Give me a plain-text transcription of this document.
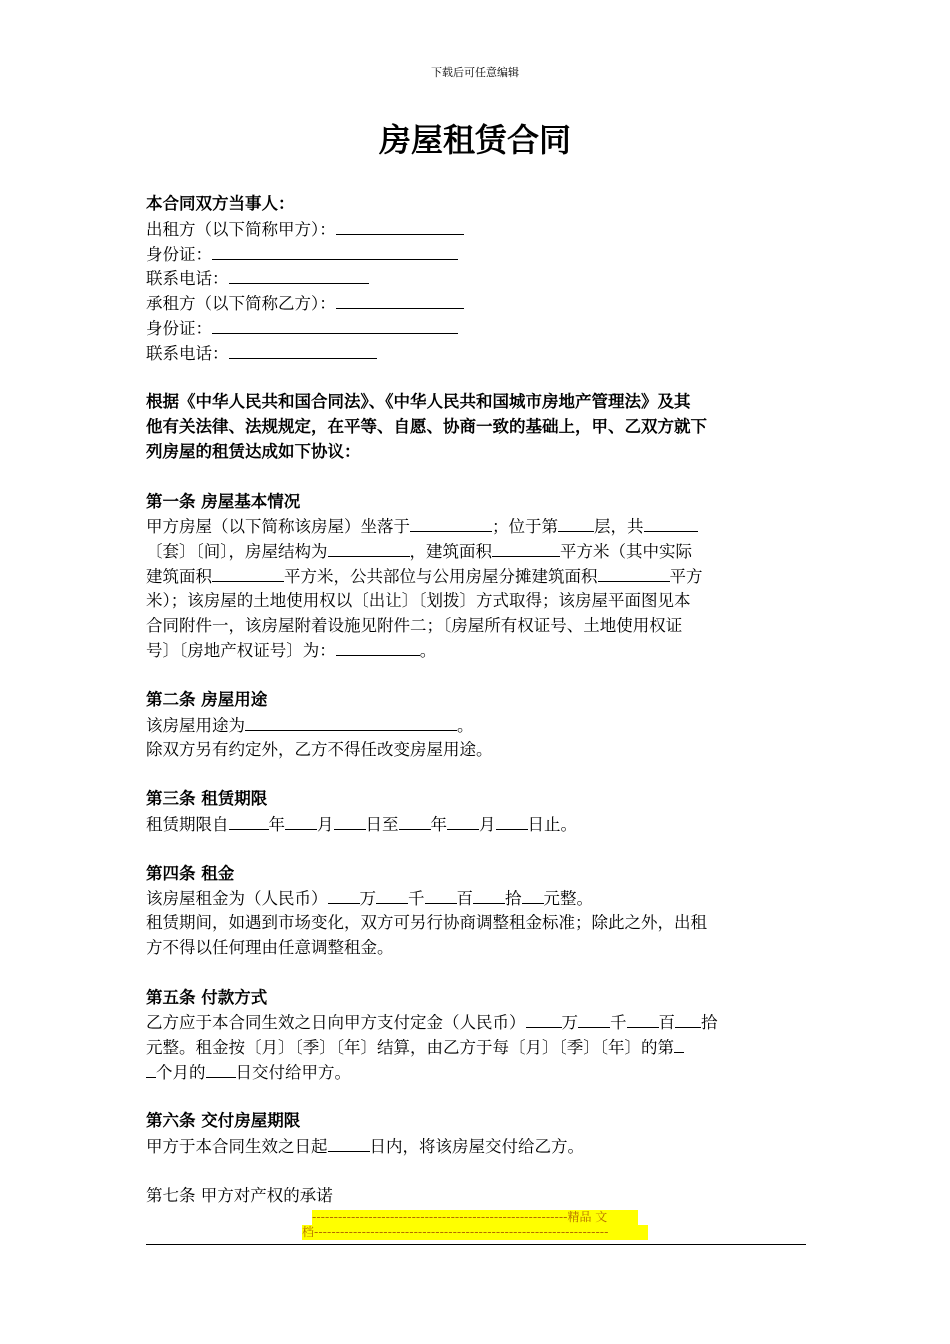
下载后可任意编辑
房屋租赁合同
本合同双方当事人：
出租方（以下简称甲方）：
身份证：
联系电话：
承租方（以下简称乙方）：
身份证：
联系电话：
根据《中华人民共和国合同法》、《中华人民共和国城市房地产管理法》及其
他有关法律、法规规定，在平等、自愿、协商一致的基础上，甲、乙双方就下
列房屋的租赁达成如下协议：
第一条 房屋基本情况
甲方房屋（以下简称该房屋）坐落于	；位于第 层，共
〔套〕〔间〕，房屋结构为	，建筑面积	平方米（其中实际
建筑面积	平方米，公共部位与公用房屋分摊建筑面积	平方
米）；该房屋的土地使用权以〔出让〕〔划拨〕方式取得；该房屋平面图见本
合同附件一，该房屋附着设施见附件二；〔房屋所有权证号、土地使用权证
号〕〔房地产权证号〕为：	。
第二条 房屋用途
该房屋用途为	。
除双方另有约定外，乙方不得任改变房屋用途。
第三条 租赁期限
租赁期限自 年 月 日至 年 月 日止。
第四条 租金
该房屋租金为（人民币） 万 千 百 拾 元整。
租赁期间，如遇到市场变化，双方可另行协商调整租金标准；除此之外，出租
方不得以任何理由任意调整租金。
第五条 付款方式
乙方应于本合同生效之日向甲方支付定金（人民币） 万 千 百 拾
元整。租金按〔月〕〔季〕〔年〕结算，由乙方于每〔月〕〔季〕〔年〕的第
个月的 日交付给甲方。
第六条 交付房屋期限
甲方于本合同生效之日起	日内，将该房屋交付给乙方。
第七条 甲方对产权的承诺
-----------------------------------------------------------精品 文
档--------------------------------------------------------------------
